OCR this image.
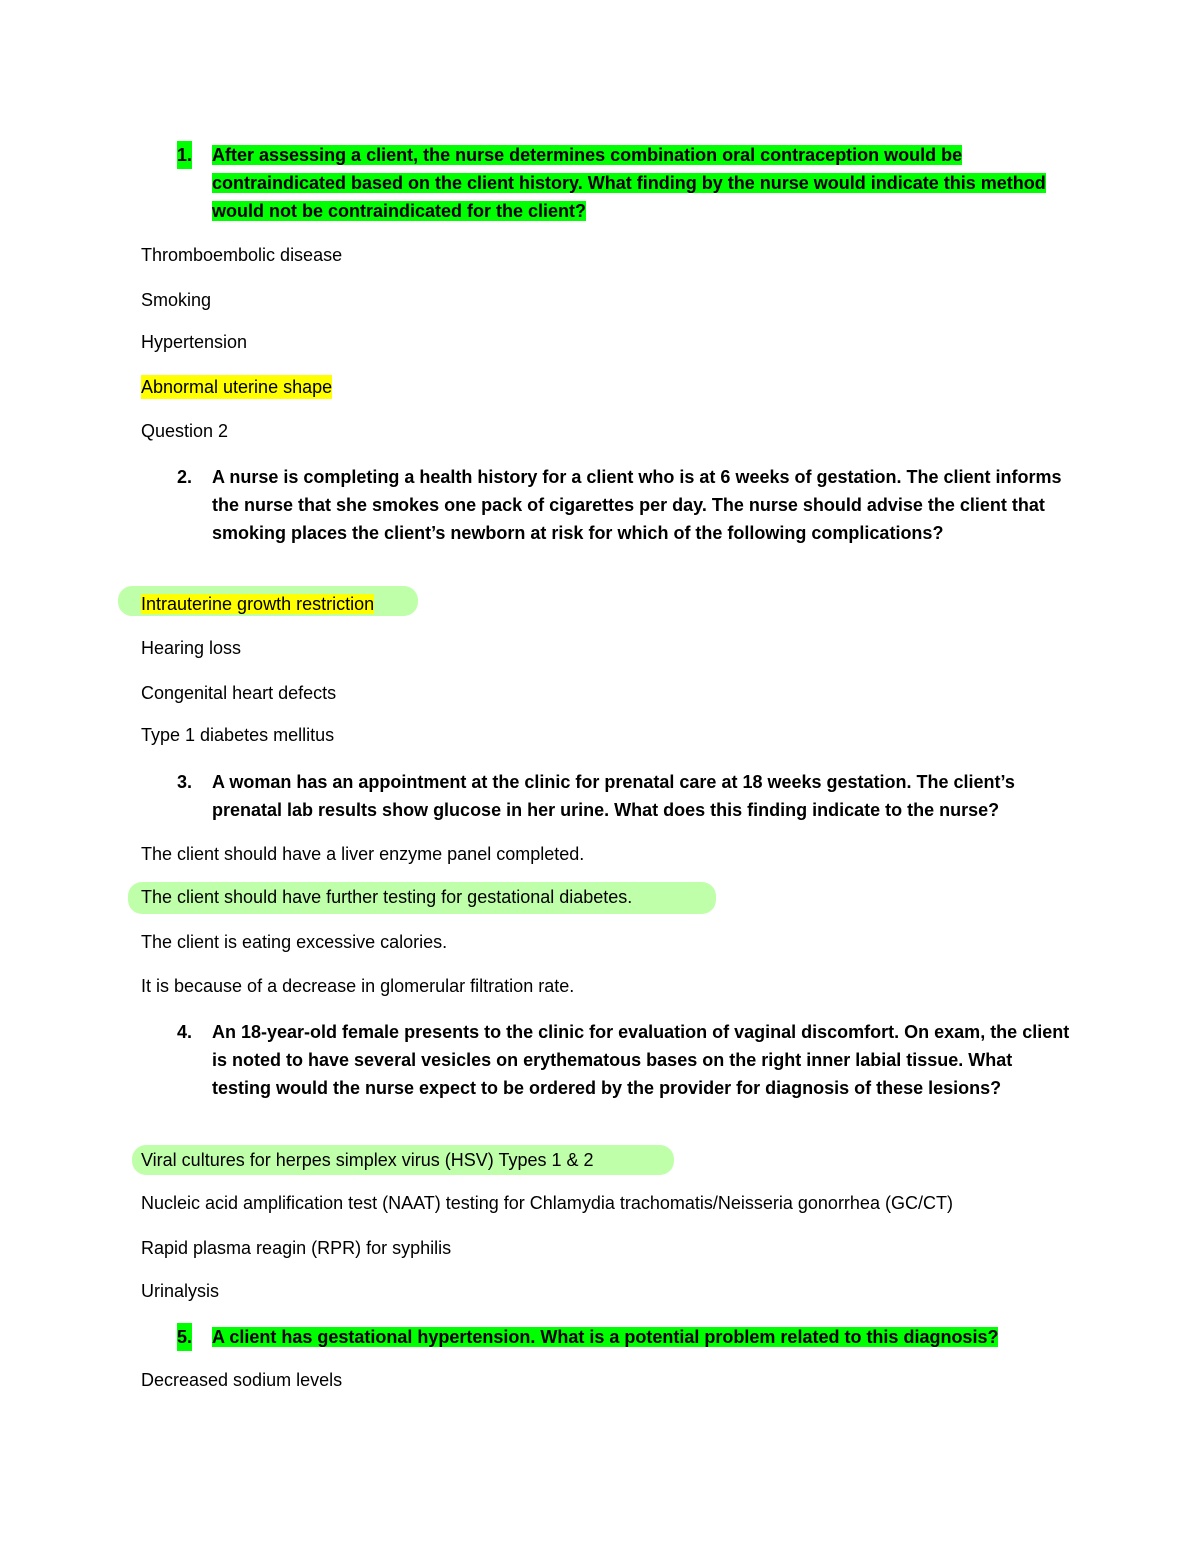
1. After assessing a client, the nurse determines combination oral contraception would be contraindicated based on the client history. What finding by the nurse would indicate this method would not be contraindicated for the client?
Thromboembolic disease
Smoking
Hypertension
Abnormal uterine shape
Question 2
2. A nurse is completing a health history for a client who is at 6 weeks of gestation. The client informs the nurse that she smokes one pack of cigarettes per day. The nurse should advise the client that smoking places the client’s newborn at risk for which of the following complications?
Intrauterine growth restriction
Hearing loss
Congenital heart defects
Type 1 diabetes mellitus
3. A woman has an appointment at the clinic for prenatal care at 18 weeks gestation. The client’s prenatal lab results show glucose in her urine. What does this finding indicate to the nurse?
The client should have a liver enzyme panel completed.
The client should have further testing for gestational diabetes.
The client is eating excessive calories.
It is because of a decrease in glomerular filtration rate.
4. An 18-year-old female presents to the clinic for evaluation of vaginal discomfort. On exam, the client is noted to have several vesicles on erythematous bases on the right inner labial tissue. What testing would the nurse expect to be ordered by the provider for diagnosis of these lesions?
Viral cultures for herpes simplex virus (HSV) Types 1 & 2
Nucleic acid amplification test (NAAT) testing for Chlamydia trachomatis/Neisseria gonorrhea (GC/CT)
Rapid plasma reagin (RPR) for syphilis
Urinalysis
5. A client has gestational hypertension. What is a potential problem related to this diagnosis?
Decreased sodium levels
